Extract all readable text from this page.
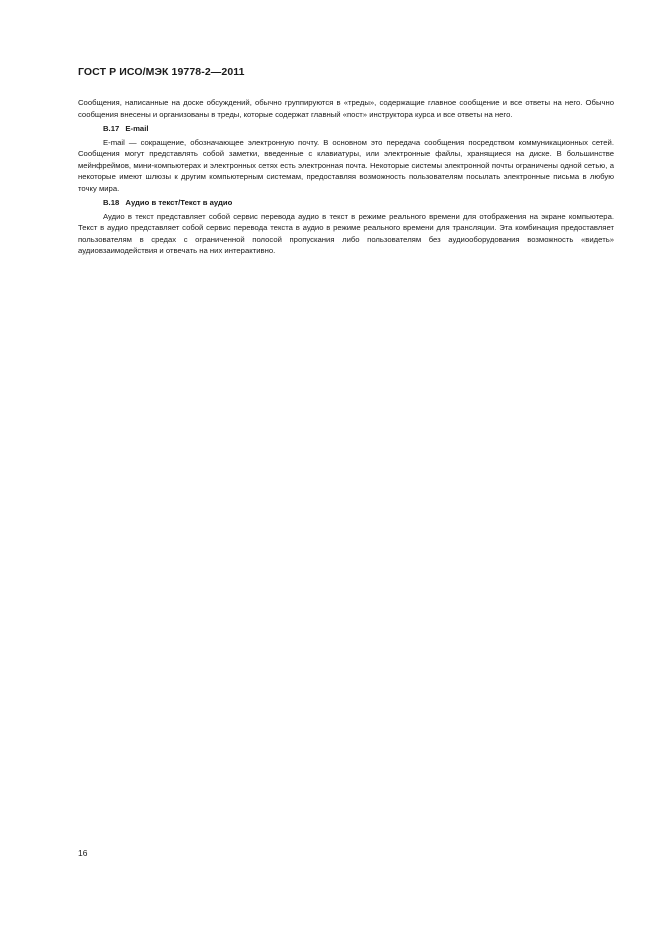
ГОСТ Р ИСО/МЭК 19778-2—2011

Сообщения, написанные на доске обсуждений, обычно группируются в «треды», содержащие главное сообщение и все ответы на него. Обычно сообщения внесены и организованы в треды, которые содержат главный «пост» инструктора курса и все ответы на него.

В.17 E-mail

E-mail — сокращение, обозначающее электронную почту. В основном это передача сообщения посредством коммуникационных сетей. Сообщения могут представлять собой заметки, введенные с клавиатуры, или электронные файлы, хранящиеся на диске. В большинстве мейнфреймов, мини-компьютерах и электронных сетях есть электронная почта. Некоторые системы электронной почты ограничены одной сетью, а некоторые имеют шлюзы к другим компьютерным системам, предоставляя возможность пользователям посылать электронные письма в любую точку мира.

В.18 Аудио в текст/Текст в аудио

Аудио в текст представляет собой сервис перевода аудио в текст в режиме реального времени для отображения на экране компьютера. Текст в аудио представляет собой сервис перевода текста в аудио в режиме реального времени для трансляции. Эта комбинация предоставляет пользователям в средах с ограниченной полосой пропускания либо пользователям без аудиооборудования возможность «видеть» аудиовзаимодействия и отвечать на них интерактивно.

16
